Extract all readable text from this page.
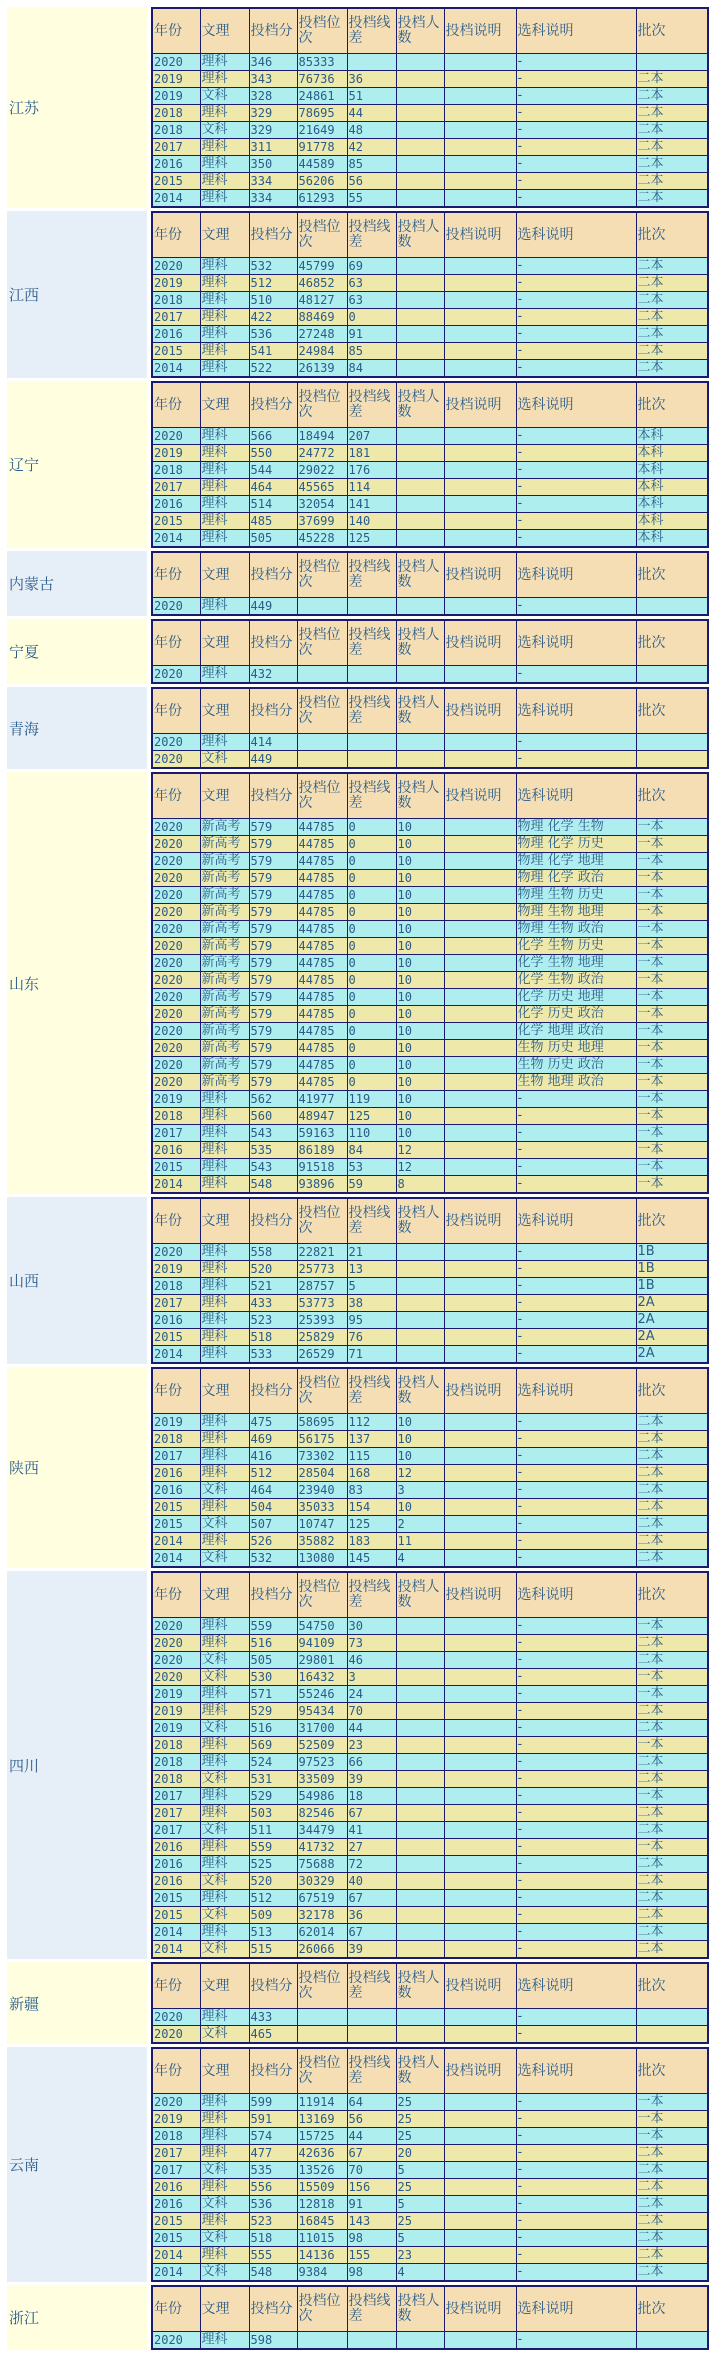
江苏
年份	文理	投档分	投档位次	投档线差	投档人数	投档说明	选科说明	批次
2020	理科	346	85333				-	
2019	理科	343	76736	36			-	二本
2019	文科	328	24861	51			-	二本
2018	理科	329	78695	44			-	二本
2018	文科	329	21649	48			-	二本
2017	理科	311	91778	42			-	二本
2016	理科	350	44589	85			-	二本
2015	理科	334	56206	56			-	二本
2014	理科	334	61293	55			-	二本
江西
年份	文理	投档分	投档位次	投档线差	投档人数	投档说明	选科说明	批次
2020	理科	532	45799	69			-	二本
2019	理科	512	46852	63			-	二本
2018	理科	510	48127	63			-	二本
2017	理科	422	88469	0			-	二本
2016	理科	536	27248	91			-	二本
2015	理科	541	24984	85			-	二本
2014	理科	522	26139	84			-	二本
辽宁
年份	文理	投档分	投档位次	投档线差	投档人数	投档说明	选科说明	批次
2020	理科	566	18494	207			-	本科
2019	理科	550	24772	181			-	本科
2018	理科	544	29022	176			-	本科
2017	理科	464	45565	114			-	本科
2016	理科	514	32054	141			-	本科
2015	理科	485	37699	140			-	本科
2014	理科	505	45228	125			-	本科
内蒙古
年份	文理	投档分	投档位次	投档线差	投档人数	投档说明	选科说明	批次
2020	理科	449					-	
宁夏
年份	文理	投档分	投档位次	投档线差	投档人数	投档说明	选科说明	批次
2020	理科	432					-	
青海
年份	文理	投档分	投档位次	投档线差	投档人数	投档说明	选科说明	批次
2020	理科	414					-	
2020	文科	449					-	
山东
年份	文理	投档分	投档位次	投档线差	投档人数	投档说明	选科说明	批次
2020	新高考	579	44785	0	10		物理 化学 生物	一本
2020	新高考	579	44785	0	10		物理 化学 历史	一本
2020	新高考	579	44785	0	10		物理 化学 地理	一本
2020	新高考	579	44785	0	10		物理 化学 政治	一本
2020	新高考	579	44785	0	10		物理 生物 历史	一本
2020	新高考	579	44785	0	10		物理 生物 地理	一本
2020	新高考	579	44785	0	10		物理 生物 政治	一本
2020	新高考	579	44785	0	10		化学 生物 历史	一本
2020	新高考	579	44785	0	10		化学 生物 地理	一本
2020	新高考	579	44785	0	10		化学 生物 政治	一本
2020	新高考	579	44785	0	10		化学 历史 地理	一本
2020	新高考	579	44785	0	10		化学 历史 政治	一本
2020	新高考	579	44785	0	10		化学 地理 政治	一本
2020	新高考	579	44785	0	10		生物 历史 地理	一本
2020	新高考	579	44785	0	10		生物 历史 政治	一本
2020	新高考	579	44785	0	10		生物 地理 政治	一本
2019	理科	562	41977	119	10		-	一本
2018	理科	560	48947	125	10		-	一本
2017	理科	543	59163	110	10		-	一本
2016	理科	535	86189	84	12		-	一本
2015	理科	543	91518	53	12		-	一本
2014	理科	548	93896	59	8		-	一本
山西
年份	文理	投档分	投档位次	投档线差	投档人数	投档说明	选科说明	批次
2020	理科	558	22821	21			-	1B
2019	理科	520	25773	13			-	1B
2018	理科	521	28757	5			-	1B
2017	理科	433	53773	38			-	2A
2016	理科	523	25393	95			-	2A
2015	理科	518	25829	76			-	2A
2014	理科	533	26529	71			-	2A
陕西
年份	文理	投档分	投档位次	投档线差	投档人数	投档说明	选科说明	批次
2019	理科	475	58695	112	10		-	二本
2018	理科	469	56175	137	10		-	二本
2017	理科	416	73302	115	10		-	二本
2016	理科	512	28504	168	12		-	二本
2016	文科	464	23940	83	3		-	二本
2015	理科	504	35033	154	10		-	二本
2015	文科	507	10747	125	2		-	二本
2014	理科	526	35882	183	11		-	二本
2014	文科	532	13080	145	4		-	二本
四川
年份	文理	投档分	投档位次	投档线差	投档人数	投档说明	选科说明	批次
2020	理科	559	54750	30			-	一本
2020	理科	516	94109	73			-	二本
2020	文科	505	29801	46			-	二本
2020	文科	530	16432	3			-	一本
2019	理科	571	55246	24			-	一本
2019	理科	529	95434	70			-	二本
2019	文科	516	31700	44			-	二本
2018	理科	569	52509	23			-	一本
2018	理科	524	97523	66			-	二本
2018	文科	531	33509	39			-	二本
2017	理科	529	54986	18			-	一本
2017	理科	503	82546	67			-	二本
2017	文科	511	34479	41			-	二本
2016	理科	559	41732	27			-	一本
2016	理科	525	75688	72			-	二本
2016	文科	520	30329	40			-	二本
2015	理科	512	67519	67			-	二本
2015	文科	509	32178	36			-	二本
2014	理科	513	62014	67			-	二本
2014	文科	515	26066	39			-	二本
新疆
年份	文理	投档分	投档位次	投档线差	投档人数	投档说明	选科说明	批次
2020	理科	433					-	
2020	文科	465					-	
云南
年份	文理	投档分	投档位次	投档线差	投档人数	投档说明	选科说明	批次
2020	理科	599	11914	64	25		-	一本
2019	理科	591	13169	56	25		-	一本
2018	理科	574	15725	44	25		-	一本
2017	理科	477	42636	67	20		-	二本
2017	文科	535	13526	70	5		-	二本
2016	理科	556	15509	156	25		-	二本
2016	文科	536	12818	91	5		-	二本
2015	理科	523	16845	143	25		-	二本
2015	文科	518	11015	98	5		-	二本
2014	理科	555	14136	155	23		-	二本
2014	文科	548	9384	98	4		-	二本
浙江
年份	文理	投档分	投档位次	投档线差	投档人数	投档说明	选科说明	批次
2020	理科	598					-	
